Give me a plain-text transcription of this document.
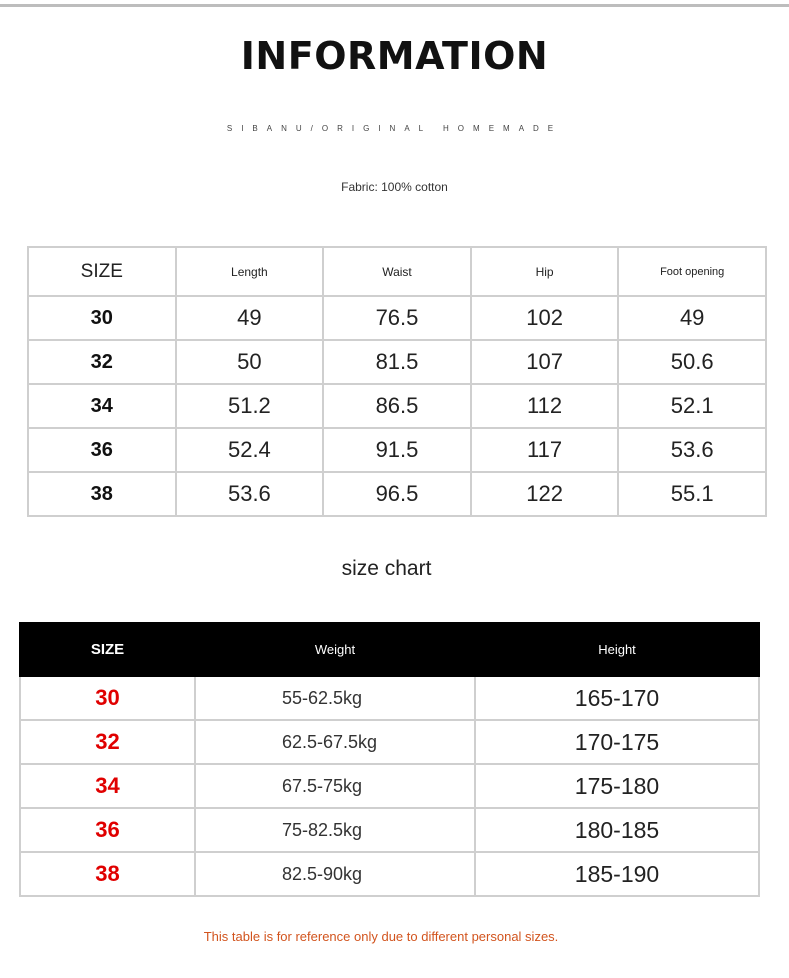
INFORMATION
SIBANU/ORIGINAL HOMEMADE
Fabric: 100% cotton
SIZE	Length	Waist	Hip	Foot opening
30	49	76.5	102	49
32	50	81.5	107	50.6
34	51.2	86.5	112	52.1
36	52.4	91.5	117	53.6
38	53.6	96.5	122	55.1
size chart
SIZE	Weight	Height
30	55-62.5kg	165-170
32	62.5-67.5kg	170-175
34	67.5-75kg	175-180
36	75-82.5kg	180-185
38	82.5-90kg	185-190
This table is for reference only due to different personal sizes.
